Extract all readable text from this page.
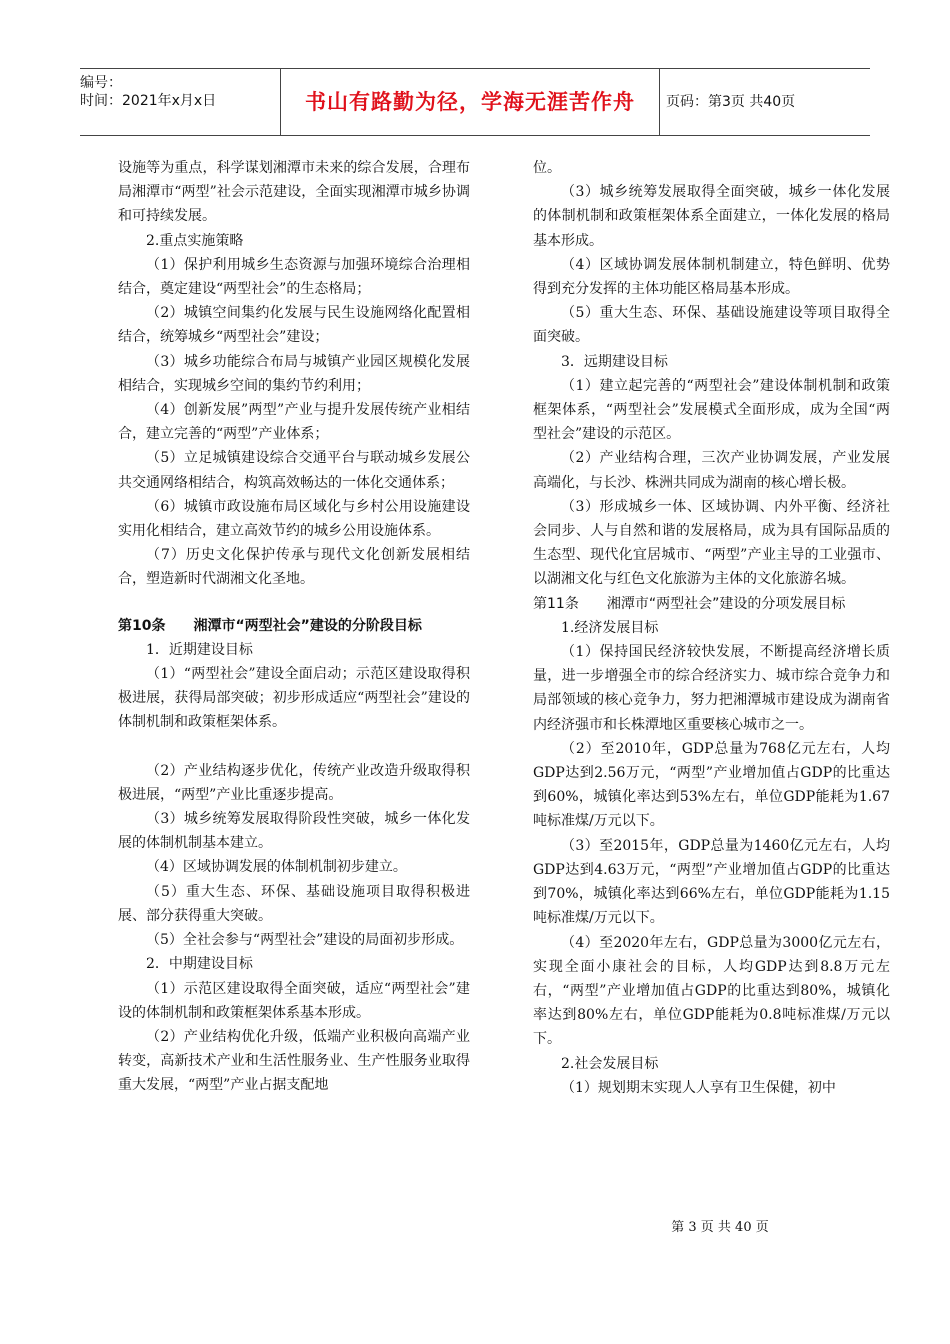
编号：
时间：2021年x月x日	书山有路勤为径，学海无涯苦作舟	页码：第3页 共40页

设施等为重点，科学谋划湘潭市未来的综合发展，合理布局湘潭市“两型”社会示范建设，全面实现湘潭市城乡协调和可持续发展。

2.重点实施策略

（1）保护利用城乡生态资源与加强环境综合治理相结合，奠定建设“两型社会”的生态格局；

（2）城镇空间集约化发展与民生设施网络化配置相结合，统筹城乡“两型社会”建设；

（3）城乡功能综合布局与城镇产业园区规模化发展相结合，实现城乡空间的集约节约利用；

（4）创新发展”两型”产业与提升发展传统产业相结合，建立完善的“两型”产业体系；

（5）立足城镇建设综合交通平台与联动城乡发展公共交通网络相结合，构筑高效畅达的一体化交通体系；

（6）城镇市政设施布局区域化与乡村公用设施建设实用化相结合，建立高效节约的城乡公用设施体系。

（7）历史文化保护传承与现代文化创新发展相结合，塑造新时代湖湘文化圣地。

第10条　　湘潭市“两型社会”建设的分阶段目标

1．近期建设目标

（1）“两型社会”建设全面启动；示范区建设取得积极进展，获得局部突破；初步形成适应“两型社会”建设的体制机制和政策框架体系。

（2）产业结构逐步优化，传统产业改造升级取得积极进展，“两型”产业比重逐步提高。

（3）城乡统筹发展取得阶段性突破，城乡一体化发展的体制机制基本建立。

（4）区域协调发展的体制机制初步建立。

（5）重大生态、环保、基础设施项目取得积极进展、部分获得重大突破。

（5）全社会参与“两型社会”建设的局面初步形成。

2．中期建设目标

（1）示范区建设取得全面突破，适应“两型社会”建设的体制机制和政策框架体系基本形成。

（2）产业结构优化升级，低端产业积极向高端产业转变，高新技术产业和生活性服务业、生产性服务业取得重大发展，“两型”产业占据支配地

位。

（3）城乡统筹发展取得全面突破，城乡一体化发展的体制机制和政策框架体系全面建立，一体化发展的格局基本形成。

（4）区域协调发展体制机制建立，特色鲜明、优势得到充分发挥的主体功能区格局基本形成。

（5）重大生态、环保、基础设施建设等项目取得全面突破。

3．远期建设目标

（1）建立起完善的“两型社会”建设体制机制和政策框架体系，“两型社会”发展模式全面形成，成为全国“两型社会”建设的示范区。

（2）产业结构合理，三次产业协调发展，产业发展高端化，与长沙、株洲共同成为湖南的核心增长极。

（3）形成城乡一体、区域协调、内外平衡、经济社会同步、人与自然和谐的发展格局，成为具有国际品质的生态型、现代化宜居城市、“两型”产业主导的工业强市、以湖湘文化与红色文化旅游为主体的文化旅游名城。

第11条　　湘潭市“两型社会”建设的分项发展目标

1.经济发展目标

（1）保持国民经济较快发展，不断提高经济增长质量，进一步增强全市的综合经济实力、城市综合竞争力和局部领域的核心竞争力，努力把湘潭城市建设成为湖南省内经济强市和长株潭地区重要核心城市之一。

（2）至2010年，GDP总量为768亿元左右，人均GDP达到2.56万元，“两型”产业增加值占GDP的比重达到60%，城镇化率达到53%左右，单位GDP能耗为1.67吨标准煤/万元以下。

（3）至2015年，GDP总量为1460亿元左右，人均GDP达到4.63万元，“两型”产业增加值占GDP的比重达到70%，城镇化率达到66%左右，单位GDP能耗为1.15吨标准煤/万元以下。

（4）至2020年左右，GDP总量为3000亿元左右，实现全面小康社会的目标，人均GDP达到8.8万元左右，“两型”产业增加值占GDP的比重达到80%，城镇化率达到80%左右，单位GDP能耗为0.8吨标准煤/万元以下。

2.社会发展目标

（1）规划期末实现人人享有卫生保健，初中

第 3 页 共 40 页
